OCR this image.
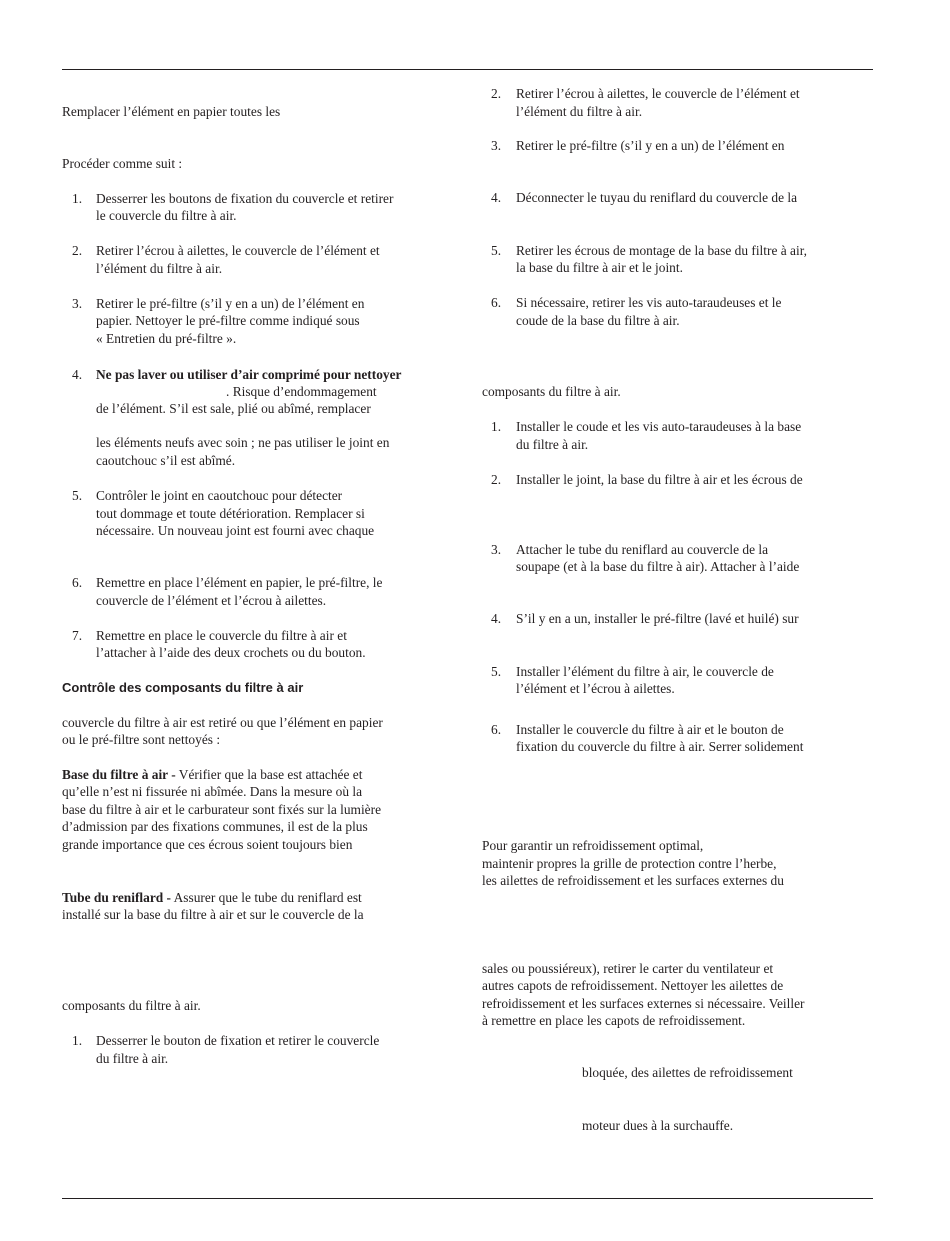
Remplacer l’élément en papier toutes les
Procéder comme suit :
1. Desserrer les boutons de fixation du couvercle et retirer
le couvercle du filtre à air.
2. Retirer l’écrou à ailettes, le couvercle de l’élément et
l’élément du filtre à air.
3. Retirer le pré-filtre (s’il y en a un) de l’élément en
papier. Nettoyer le pré-filtre comme indiqué sous
« Entretien du pré-filtre ».
4. Ne pas laver ou utiliser d’air comprimé pour nettoyer
. Risque d’endommagement
de l’élément. S’il est sale, plié ou abîmé, remplacer
les éléments neufs avec soin ; ne pas utiliser le joint en
caoutchouc s’il est abîmé.
5. Contrôler le joint en caoutchouc pour détecter
tout dommage et toute détérioration. Remplacer si
nécessaire. Un nouveau joint est fourni avec chaque
6. Remettre en place l’élément en papier, le pré-filtre, le
couvercle de l’élément et l’écrou à ailettes.
7. Remettre en place le couvercle du filtre à air et
l’attacher à l’aide des deux crochets ou du bouton.
Contrôle des composants du filtre à air
couvercle du filtre à air est retiré ou que l’élément en papier
ou le pré-filtre sont nettoyés :
Base du filtre à air - Vérifier que la base est attachée et
qu’elle n’est ni fissurée ni abîmée. Dans la mesure où la
base du filtre à air et le carburateur sont fixés sur la lumière
d’admission par des fixations communes, il est de la plus
grande importance que ces écrous soient toujours bien
Tube du reniflard - Assurer que le tube du reniflard est
installé sur la base du filtre à air et sur le couvercle de la
composants du filtre à air.
1. Desserrer le bouton de fixation et retirer le couvercle
du filtre à air.
2. Retirer l’écrou à ailettes, le couvercle de l’élément et
l’élément du filtre à air.
3. Retirer le pré-filtre (s’il y en a un) de l’élément en
4. Déconnecter le tuyau du reniflard du couvercle de la
5. Retirer les écrous de montage de la base du filtre à air,
la base du filtre à air et le joint.
6. Si nécessaire, retirer les vis auto-taraudeuses et le
coude de la base du filtre à air.
composants du filtre à air.
1. Installer le coude et les vis auto-taraudeuses à la base
du filtre à air.
2. Installer le joint, la base du filtre à air et les écrous de
3. Attacher le tube du reniflard au couvercle de la
soupape (et à la base du filtre à air). Attacher à l’aide
4. S’il y en a un, installer le pré-filtre (lavé et huilé) sur
5. Installer l’élément du filtre à air, le couvercle de
l’élément et l’écrou à ailettes.
6. Installer le couvercle du filtre à air et le bouton de
fixation du couvercle du filtre à air. Serrer solidement
Pour garantir un refroidissement optimal,
maintenir propres la grille de protection contre l’herbe,
les ailettes de refroidissement et les surfaces externes du
sales ou poussiéreux), retirer le carter du ventilateur et
autres capots de refroidissement. Nettoyer les ailettes de
refroidissement et les surfaces externes si nécessaire. Veiller
à remettre en place les capots de refroidissement.
bloquée, des ailettes de refroidissement
moteur dues à la surchauffe.
